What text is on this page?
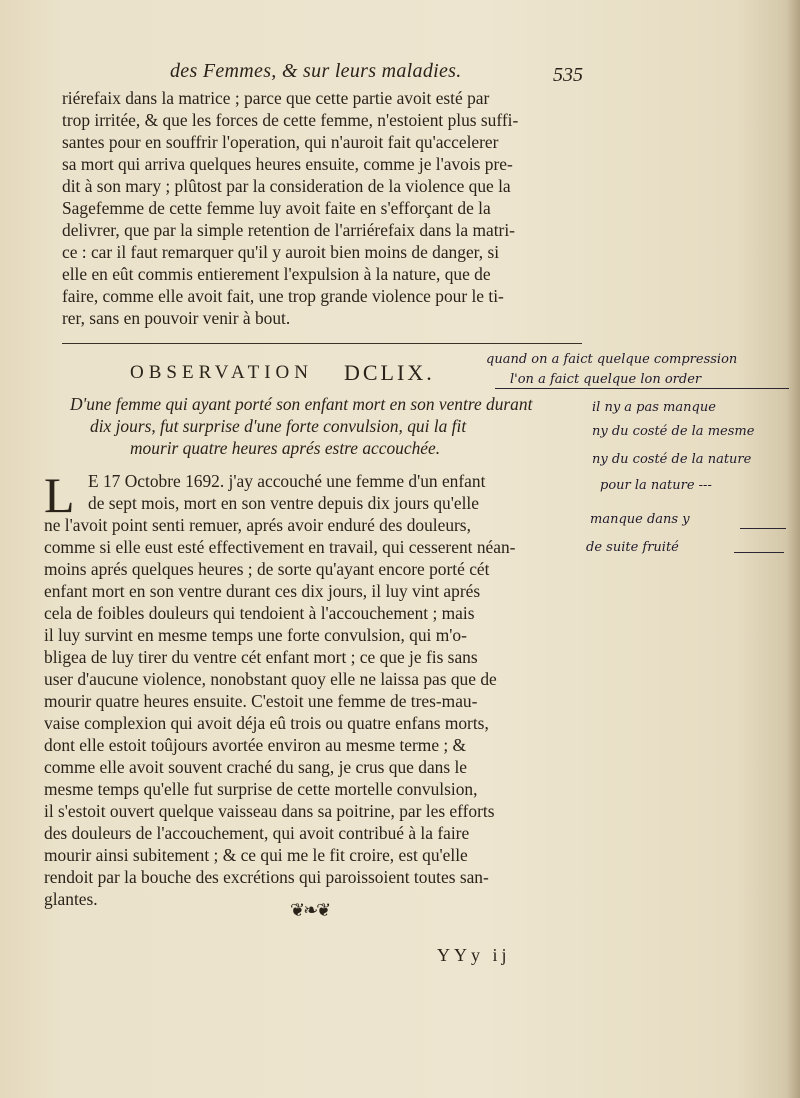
des Femmes, & sur leurs maladies.	535
riérefaix dans la matrice ; parce que cette partie avoit esté par
trop irritée, & que les forces de cette femme, n'estoient plus suffi-
santes pour en souffrir l'operation, qui n'auroit fait qu'accelerer
sa mort qui arriva quelques heures ensuite, comme je l'avois pre-
dit à son mary ; plûtost par la consideration de la violence que la
Sagefemme de cette femme luy avoit faite en s'efforçant de la
delivrer, que par la simple retention de l'arriérefaix dans la matri-
ce : car il faut remarquer qu'il y auroit bien moins de danger, si
elle en eût commis entierement l'expulsion à la nature, que de
faire, comme elle avoit fait, une trop grande violence pour le ti-
rer, sans en pouvoir venir à bout.
OBSERVATION DCLIX.
D'une femme qui ayant porté son enfant mort en son ventre durant
dix jours, fut surprise d'une forte convulsion, qui la fit
mourir quatre heures aprés estre accouchée.
L E 17 Octobre 1692. j'ay accouché une femme d'un enfant
de sept mois, mort en son ventre depuis dix jours qu'elle
ne l'avoit point senti remuer, aprés avoir enduré des douleurs,
comme si elle eust esté effectivement en travail, qui cesserent néan-
moins aprés quelques heures ; de sorte qu'ayant encore porté cét
enfant mort en son ventre durant ces dix jours, il luy vint aprés
cela de foibles douleurs qui tendoient à l'accouchement ; mais
il luy survint en mesme temps une forte convulsion, qui m'o-
bligea de luy tirer du ventre cét enfant mort ; ce que je fis sans
user d'aucune violence, nonobstant quoy elle ne laissa pas que de
mourir quatre heures ensuite. C'estoit une femme de tres-mau-
vaise complexion qui avoit déja eû trois ou quatre enfans morts,
dont elle estoit toûjours avortée environ au mesme terme ; &
comme elle avoit souvent craché du sang, je crus que dans le
mesme temps qu'elle fut surprise de cette mortelle convulsion,
il s'estoit ouvert quelque vaisseau dans sa poitrine, par les efforts
des douleurs de l'accouchement, qui avoit contribué à la faire
mourir ainsi subitement ; & ce qui me le fit croire, est qu'elle
rendoit par la bouche des excrétions qui paroissoient toutes san-
glantes.
❦❧❦
YYy ij
quand on a faict quelque compression
l'on a faict quelque lon order
il ny a pas manque
ny du costé de la mesme
ny du costé de la nature
pour la nature ---
manque dans y
de suite fruité
